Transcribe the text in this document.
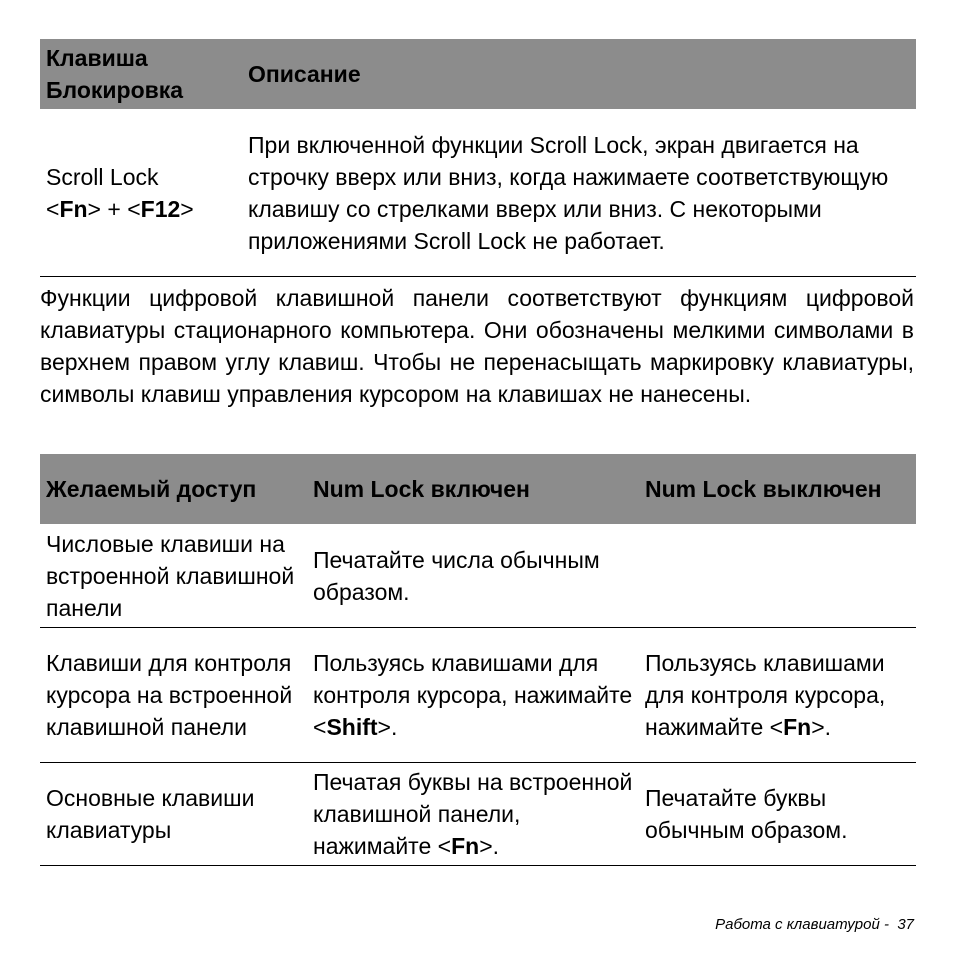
Клавиша Блокировка
Описание
Scroll Lock
<Fn> + <F12>
При включенной функции Scroll Lock, экран двигается на строчку вверх или вниз, когда нажимаете соответствующую клавишу со стрелками вверх или вниз. С некоторыми приложениями Scroll Lock не работает.

Функции цифровой клавишной панели соответствуют функциям цифровой клавиатуры стационарного компьютера. Они обозначены мелкими символами в верхнем правом углу клавиш. Чтобы не перенасыщать маркировку клавиатуры, символы клавиш управления курсором на клавишах не нанесены.

Желаемый доступ	Num Lock включен	Num Lock выключен
Числовые клавиши на встроенной клавишной панели
Печатайте числа обычным образом.
Клавиши для контроля курсора на встроенной клавишной панели
Пользуясь клавишами для контроля курсора, нажимайте <Shift>.
Пользуясь клавишами для контроля курсора, нажимайте <Fn>.
Основные клавиши клавиатуры
Печатая буквы на встроенной клавишной панели, нажимайте <Fn>.
Печатайте буквы обычным образом.
Работа с клавиатурой -  37
